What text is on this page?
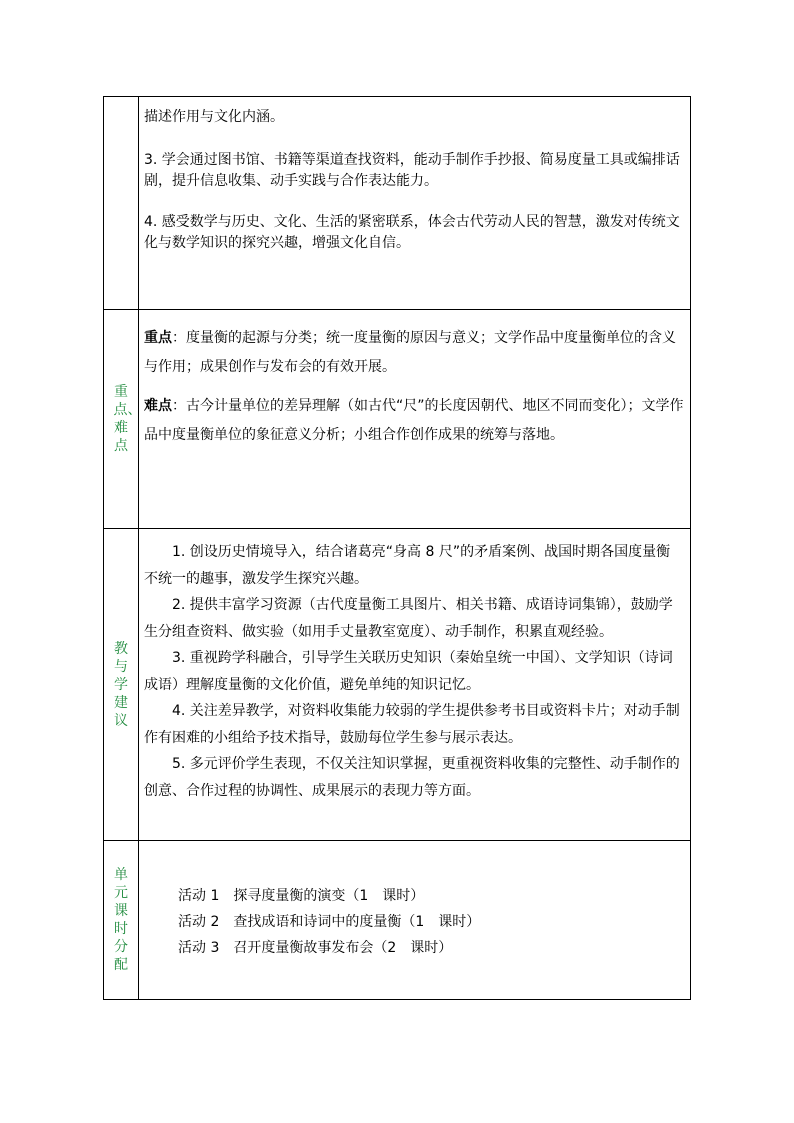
描述作用与文化内涵。

3. 学会通过图书馆、书籍等渠道查找资料，能动手制作手抄报、简易度量工具或编排话剧，提升信息收集、动手实践与合作表达能力。

4. 感受数学与历史、文化、生活的紧密联系，体会古代劳动人民的智慧，激发对传统文化与数学知识的探究兴趣，增强文化自信。

重点、难点

重点：度量衡的起源与分类；统一度量衡的原因与意义；文学作品中度量衡单位的含义与作用；成果创作与发布会的有效开展。

难点：古今计量单位的差异理解（如古代“尺”的长度因朝代、地区不同而变化）；文学作品中度量衡单位的象征意义分析；小组合作创作成果的统筹与落地。

教与学建议

1. 创设历史情境导入，结合诸葛亮“身高 8 尺”的矛盾案例、战国时期各国度量衡不统一的趣事，激发学生探究兴趣。

2. 提供丰富学习资源（古代度量衡工具图片、相关书籍、成语诗词集锦），鼓励学生分组查资料、做实验（如用手丈量教室宽度）、动手制作，积累直观经验。

3. 重视跨学科融合，引导学生关联历史知识（秦始皇统一中国）、文学知识（诗词成语）理解度量衡的文化价值，避免单纯的知识记忆。

4. 关注差异教学，对资料收集能力较弱的学生提供参考书目或资料卡片；对动手制作有困难的小组给予技术指导，鼓励每位学生参与展示表达。

5. 多元评价学生表现，不仅关注知识掌握，更重视资料收集的完整性、动手制作的创意、合作过程的协调性、成果展示的表现力等方面。

单元课时分配

活动 1　探寻度量衡的演变（1　课时）

活动 2　查找成语和诗词中的度量衡（1　课时）

活动 3　召开度量衡故事发布会（2　课时）
